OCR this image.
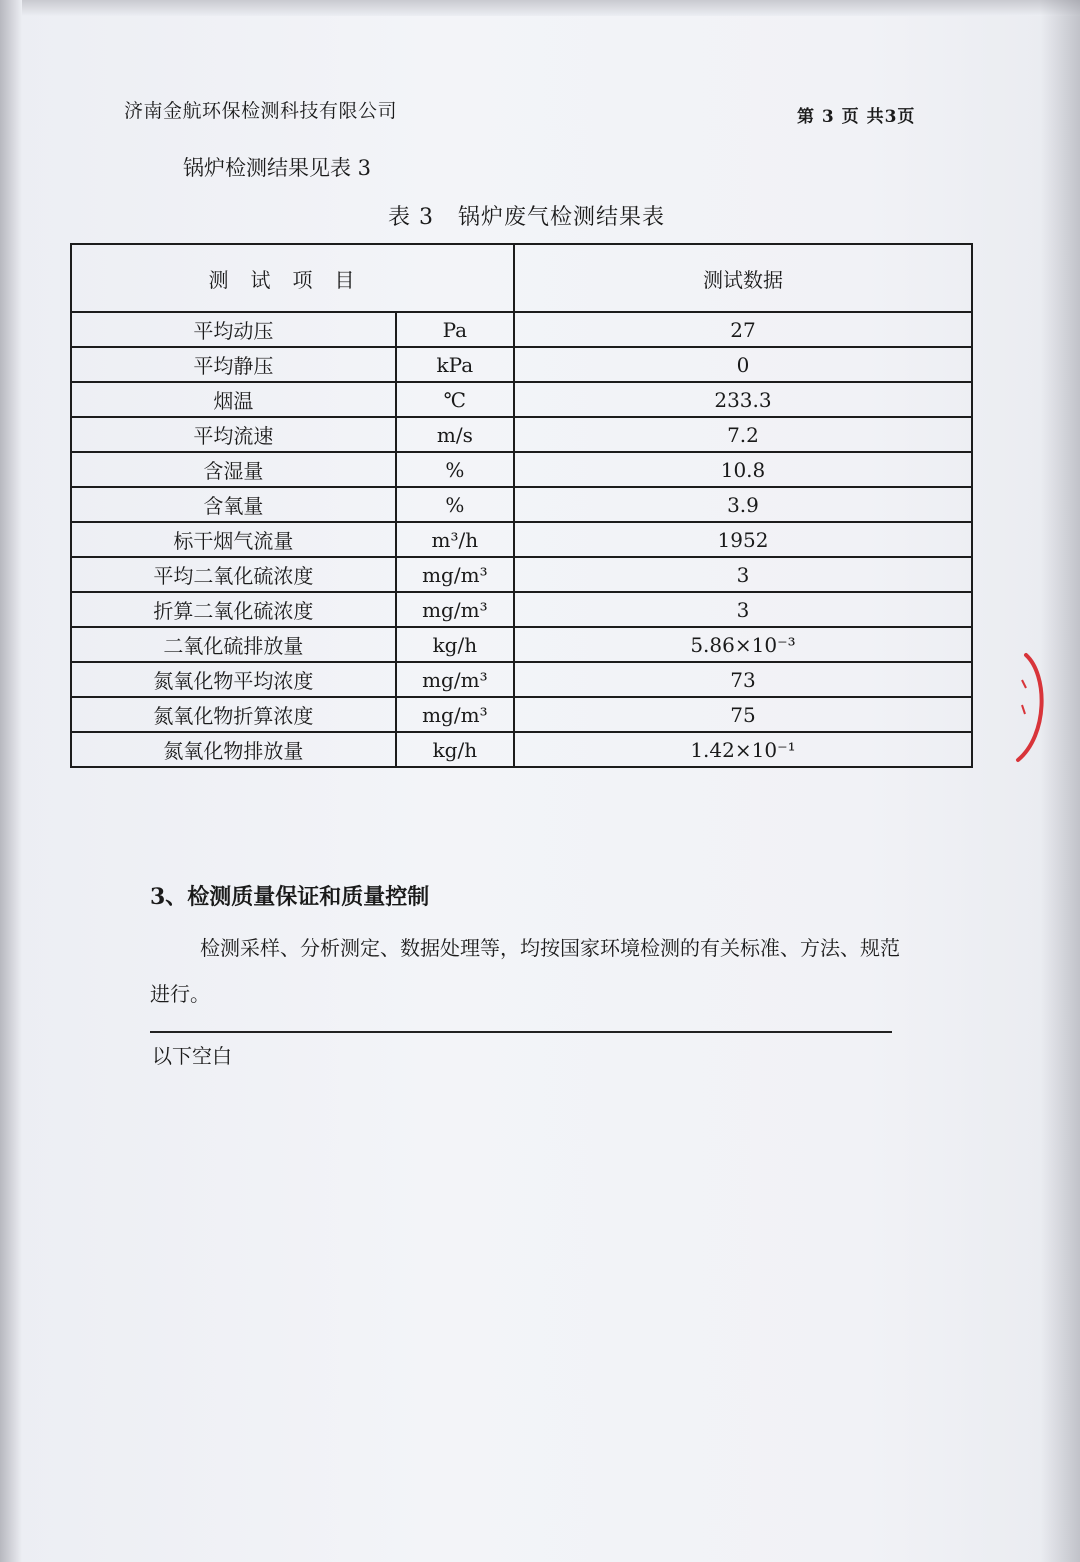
济南金航环保检测科技有限公司	第 3 页 共3页
锅炉检测结果见表 3
表 3 锅炉废气检测结果表
测试项目		测试数据
平均动压	Pa	27
平均静压	kPa	0
烟温	℃	233.3
平均流速	m/s	7.2
含湿量	%	10.8
含氧量	%	3.9
标干烟气流量	m³/h	1952
平均二氧化硫浓度	mg/m³	3
折算二氧化硫浓度	mg/m³	3
二氧化硫排放量	kg/h	5.86×10⁻³
氮氧化物平均浓度	mg/m³	73
氮氧化物折算浓度	mg/m³	75
氮氧化物排放量	kg/h	1.42×10⁻¹
3、检测质量保证和质量控制
检测采样、分析测定、数据处理等，均按国家环境检测的有关标准、方法、规范进行。
以下空白
